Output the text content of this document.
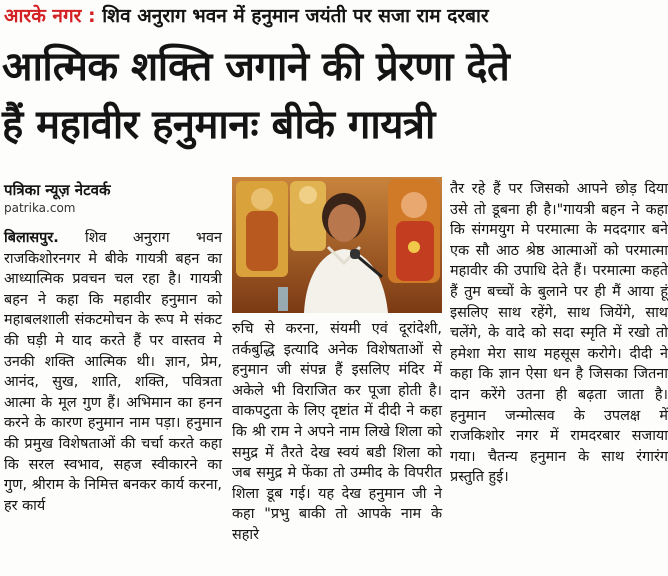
आरके नगर : शिव अनुराग भवन में हनुमान जयंती पर सजा राम दरबार
आत्मिक शक्ति जगाने की प्रेरणा देते
हैं महावीर हनुमानः बीके गायत्री
पत्रिका न्यूज़ नेटवर्क
patrika.com

बिलासपुर. शिव अनुराग भवन राजकिशोरनगर मे बीके गायत्री बहन का आध्यात्मिक प्रवचन चल रहा है। गायत्री बहन ने कहा कि महावीर हनुमान को महाबलशाली संकटमोचन के रूप मे संकट की घड़ी मे याद करते हैं पर वास्तव मे उनकी शक्ति आत्मिक थी। ज्ञान, प्रेम, आनंद, सुख, शाति, शक्ति, पवित्रता आत्मा के मूल गुण हैं। अभिमान का हनन करने के कारण हनुमान नाम पड़ा। हनुमान की प्रमुख विशेषताओं की चर्चा करते कहा कि सरल स्वभाव, सहज स्वीकारने का गुण, श्रीराम के निमित्त बनकर कार्य करना, हर कार्य

रुचि से करना, संयमी एवं दूरांदेशी, तर्कबुद्धि इत्यादि अनेक विशेषताओं से हनुमान जी संपन्न हैं इसलिए मंदिर में अकेले भी विराजित कर पूजा होती है। वाकपटुता के लिए दृष्टांत में दीदी ने कहा कि श्री राम ने अपने नाम लिखे शिला को समुद्र में तैरते देख स्वयं बडी शिला को जब समुद्र मे फेंका तो उम्मीद के विपरीत शिला डूब गई। यह देख हनुमान जी ने कहा "प्रभु बाकी तो आपके नाम के सहारे

तैर रहे हैं पर जिसको आपने छोड़ दिया उसे तो डूबना ही है।"गायत्री बहन ने कहा कि संगमयुग मे परमात्मा के मददगार बने एक सौ आठ श्रेष्ठ आत्माओं को परमात्मा महावीर की उपाधि देते हैं। परमात्मा कहते हैं तुम बच्चों के बुलाने पर ही मैं आया हूं इसलिए साथ रहेंगे, साथ जियेंगे, साथ चलेंगे, के वादे को सदा स्मृति में रखो तो हमेशा मेरा साथ महसूस करोगे। दीदी ने कहा कि ज्ञान ऐसा धन है जिसका जितना दान करेंगे उतना ही बढ़ता जाता है। हनुमान जन्मोत्सव के उपलक्ष में राजकिशोर नगर में रामदरबार सजाया गया। चैतन्य हनुमान के साथ रंगारंग प्रस्तुति हुई।
